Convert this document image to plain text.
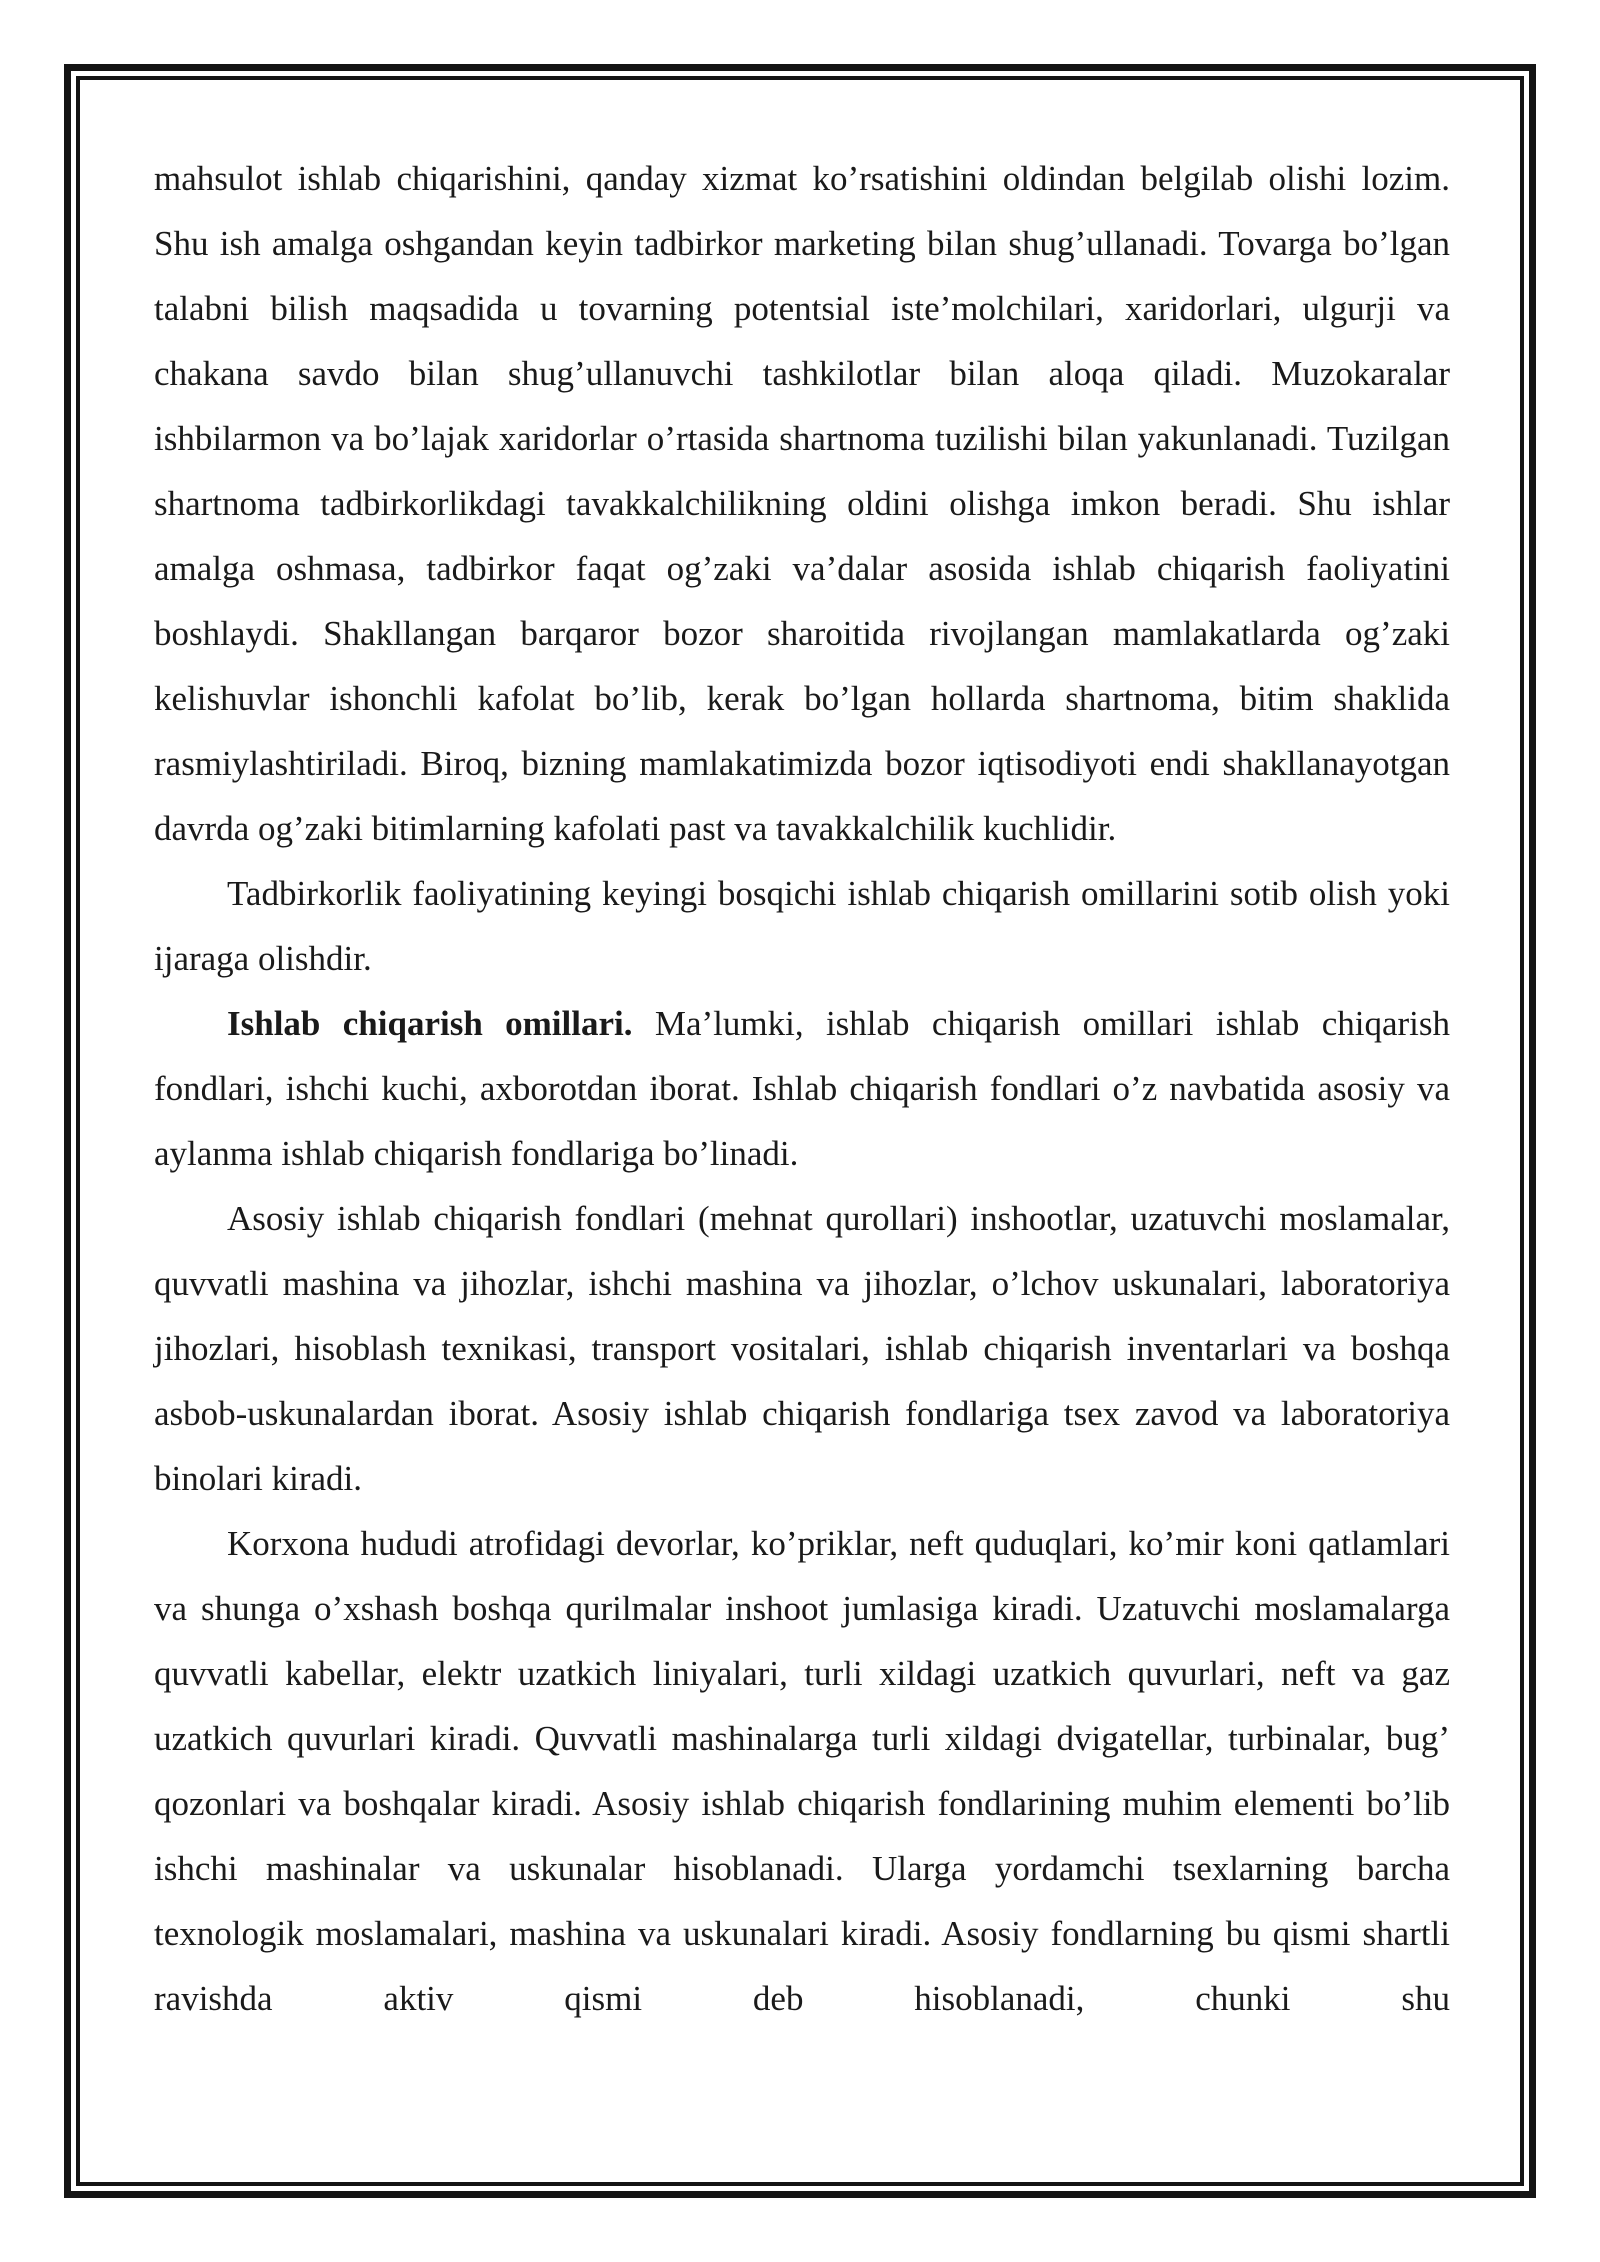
mahsulot ishlab chiqarishini, qanday xizmat ko’rsatishini oldindan belgilab olishi lozim. Shu ish amalga oshgandan keyin tadbirkor marketing bilan shug’ullanadi. Tovarga bo’lgan talabni bilish maqsadida u tovarning potentsial iste’molchilari, xaridorlari, ulgurji va chakana savdo bilan shug’ullanuvchi tashkilotlar bilan aloqa qiladi. Muzokaralar ishbilarmon va bo’lajak xaridorlar o’rtasida shartnoma tuzilishi bilan yakunlanadi. Tuzilgan shartnoma tadbirkorlikdagi tavakkalchilikning oldini olishga imkon beradi. Shu ishlar amalga oshmasa, tadbirkor faqat og’zaki va’dalar asosida ishlab chiqarish faoliyatini boshlaydi. Shakllangan barqaror bozor sharoitida rivojlangan mamlakatlarda og’zaki kelishuvlar ishonchli kafolat bo’lib, kerak bo’lgan hollarda shartnoma, bitim shaklida rasmiylashtiriladi. Biroq, bizning mamlakatimizda bozor iqtisodiyoti endi shakllanayotgan davrda og’zaki bitimlarning kafolati past va tavakkalchilik kuchlidir.

Tadbirkorlik faoliyatining keyingi bosqichi ishlab chiqarish omillarini sotib olish yoki ijaraga olishdir.

Ishlab chiqarish omillari. Ma’lumki, ishlab chiqarish omillari ishlab chiqarish fondlari, ishchi kuchi, axborotdan iborat. Ishlab chiqarish fondlari o’z navbatida asosiy va aylanma ishlab chiqarish fondlariga bo’linadi.

Asosiy ishlab chiqarish fondlari (mehnat qurollari) inshootlar, uzatuvchi moslamalar, quvvatli mashina va jihozlar, ishchi mashina va jihozlar, o’lchov uskunalari, laboratoriya jihozlari, hisoblash texnikasi, transport vositalari, ishlab chiqarish inventarlari va boshqa asbob-uskunalardan iborat. Asosiy ishlab chiqarish fondlariga tsex zavod va laboratoriya binolari kiradi.

Korxona hududi atrofidagi devorlar, ko’priklar, neft quduqlari, ko’mir koni qatlamlari va shunga o’xshash boshqa qurilmalar inshoot jumlasiga kiradi. Uzatuvchi moslamalarga quvvatli kabellar, elektr uzatkich liniyalari, turli xildagi uzatkich quvurlari, neft va gaz uzatkich quvurlari kiradi. Quvvatli mashinalarga turli xildagi dvigatellar, turbinalar, bug’ qozonlari va boshqalar kiradi. Asosiy ishlab chiqarish fondlarining muhim elementi bo’lib ishchi mashinalar va uskunalar hisoblanadi. Ularga yordamchi tsexlarning barcha texnologik moslamalari, mashina va uskunalari kiradi. Asosiy fondlarning bu qismi shartli ravishda aktiv qismi deb hisoblanadi, chunki shu
